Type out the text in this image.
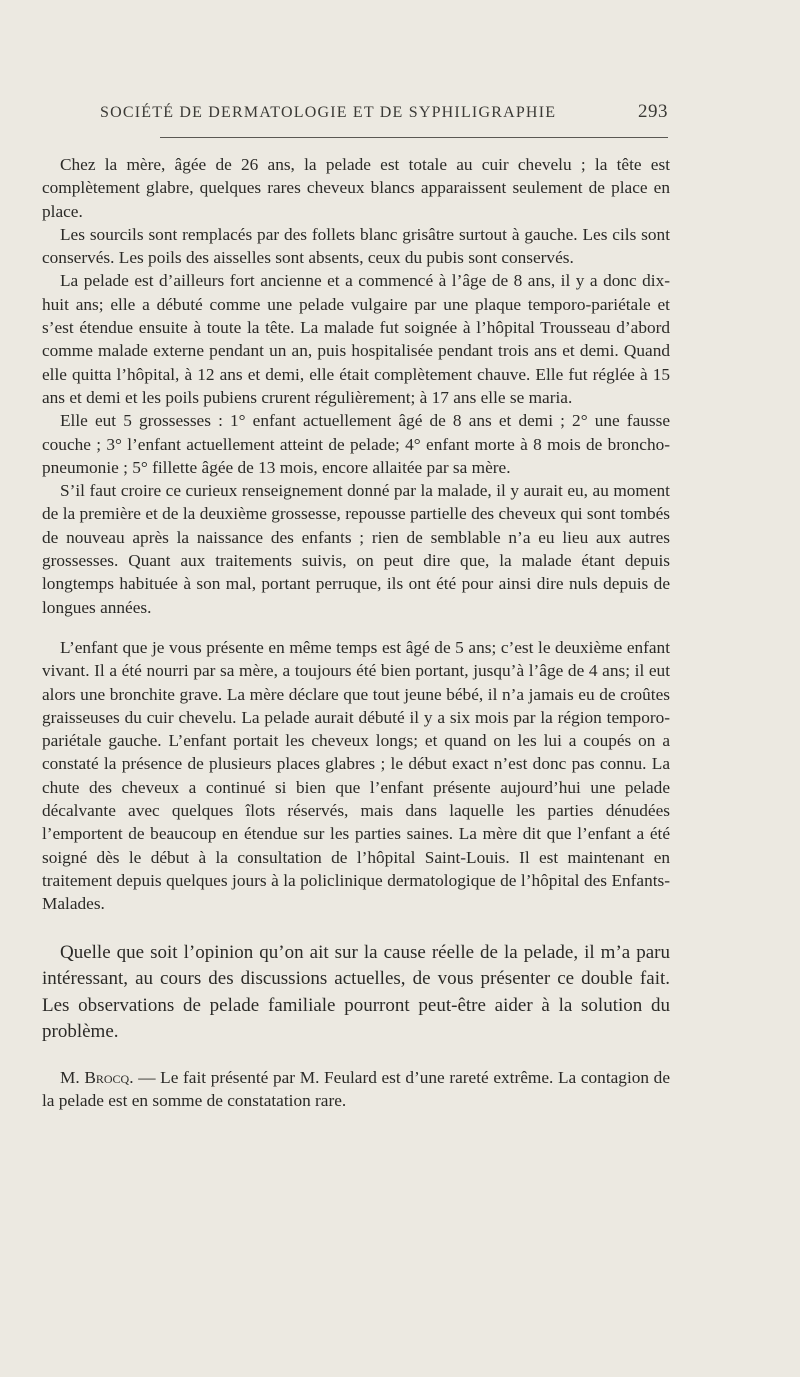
SOCIÉTÉ DE DERMATOLOGIE ET DE SYPHILIGRAPHIE	293

Chez la mère, âgée de 26 ans, la pelade est totale au cuir chevelu ; la tête est complètement glabre, quelques rares cheveux blancs apparaissent seulement de place en place.

Les sourcils sont remplacés par des follets blanc grisâtre surtout à gauche. Les cils sont conservés. Les poils des aisselles sont absents, ceux du pubis sont conservés.

La pelade est d’ailleurs fort ancienne et a commencé à l’âge de 8 ans, il y a donc dix-huit ans; elle a débuté comme une pelade vulgaire par une plaque temporo-pariétale et s’est étendue ensuite à toute la tête. La malade fut soignée à l’hôpital Trousseau d’abord comme malade externe pendant un an, puis hospitalisée pendant trois ans et demi. Quand elle quitta l’hôpital, à 12 ans et demi, elle était complètement chauve. Elle fut réglée à 15 ans et demi et les poils pubiens crurent régulièrement; à 17 ans elle se maria.

Elle eut 5 grossesses : 1° enfant actuellement âgé de 8 ans et demi ; 2° une fausse couche ; 3° l’enfant actuellement atteint de pelade; 4° enfant morte à 8 mois de broncho-pneumonie ; 5° fillette âgée de 13 mois, encore allaitée par sa mère.

S’il faut croire ce curieux renseignement donné par la malade, il y aurait eu, au moment de la première et de la deuxième grossesse, repousse partielle des cheveux qui sont tombés de nouveau après la naissance des enfants ; rien de semblable n’a eu lieu aux autres grossesses. Quant aux traitements suivis, on peut dire que, la malade étant depuis longtemps habituée à son mal, portant perruque, ils ont été pour ainsi dire nuls depuis de longues années.

L’enfant que je vous présente en même temps est âgé de 5 ans; c’est le deuxième enfant vivant. Il a été nourri par sa mère, a toujours été bien portant, jusqu’à l’âge de 4 ans; il eut alors une bronchite grave. La mère déclare que tout jeune bébé, il n’a jamais eu de croûtes graisseuses du cuir chevelu. La pelade aurait débuté il y a six mois par la région temporo-pariétale gauche. L’enfant portait les cheveux longs; et quand on les lui a coupés on a constaté la présence de plusieurs places glabres ; le début exact n’est donc pas connu. La chute des cheveux a continué si bien que l’enfant présente aujourd’hui une pelade décalvante avec quelques îlots réservés, mais dans laquelle les parties dénudées l’emportent de beaucoup en étendue sur les parties saines. La mère dit que l’enfant a été soigné dès le début à la consultation de l’hôpital Saint-Louis. Il est maintenant en traitement depuis quelques jours à la policlinique dermatologique de l’hôpital des Enfants-Malades.

Quelle que soit l’opinion qu’on ait sur la cause réelle de la pelade, il m’a paru intéressant, au cours des discussions actuelles, de vous présenter ce double fait. Les observations de pelade familiale pourront peut-être aider à la solution du problème.

M. Brocq. — Le fait présenté par M. Feulard est d’une rareté extrême. La contagion de la pelade est en somme de constatation rare.
